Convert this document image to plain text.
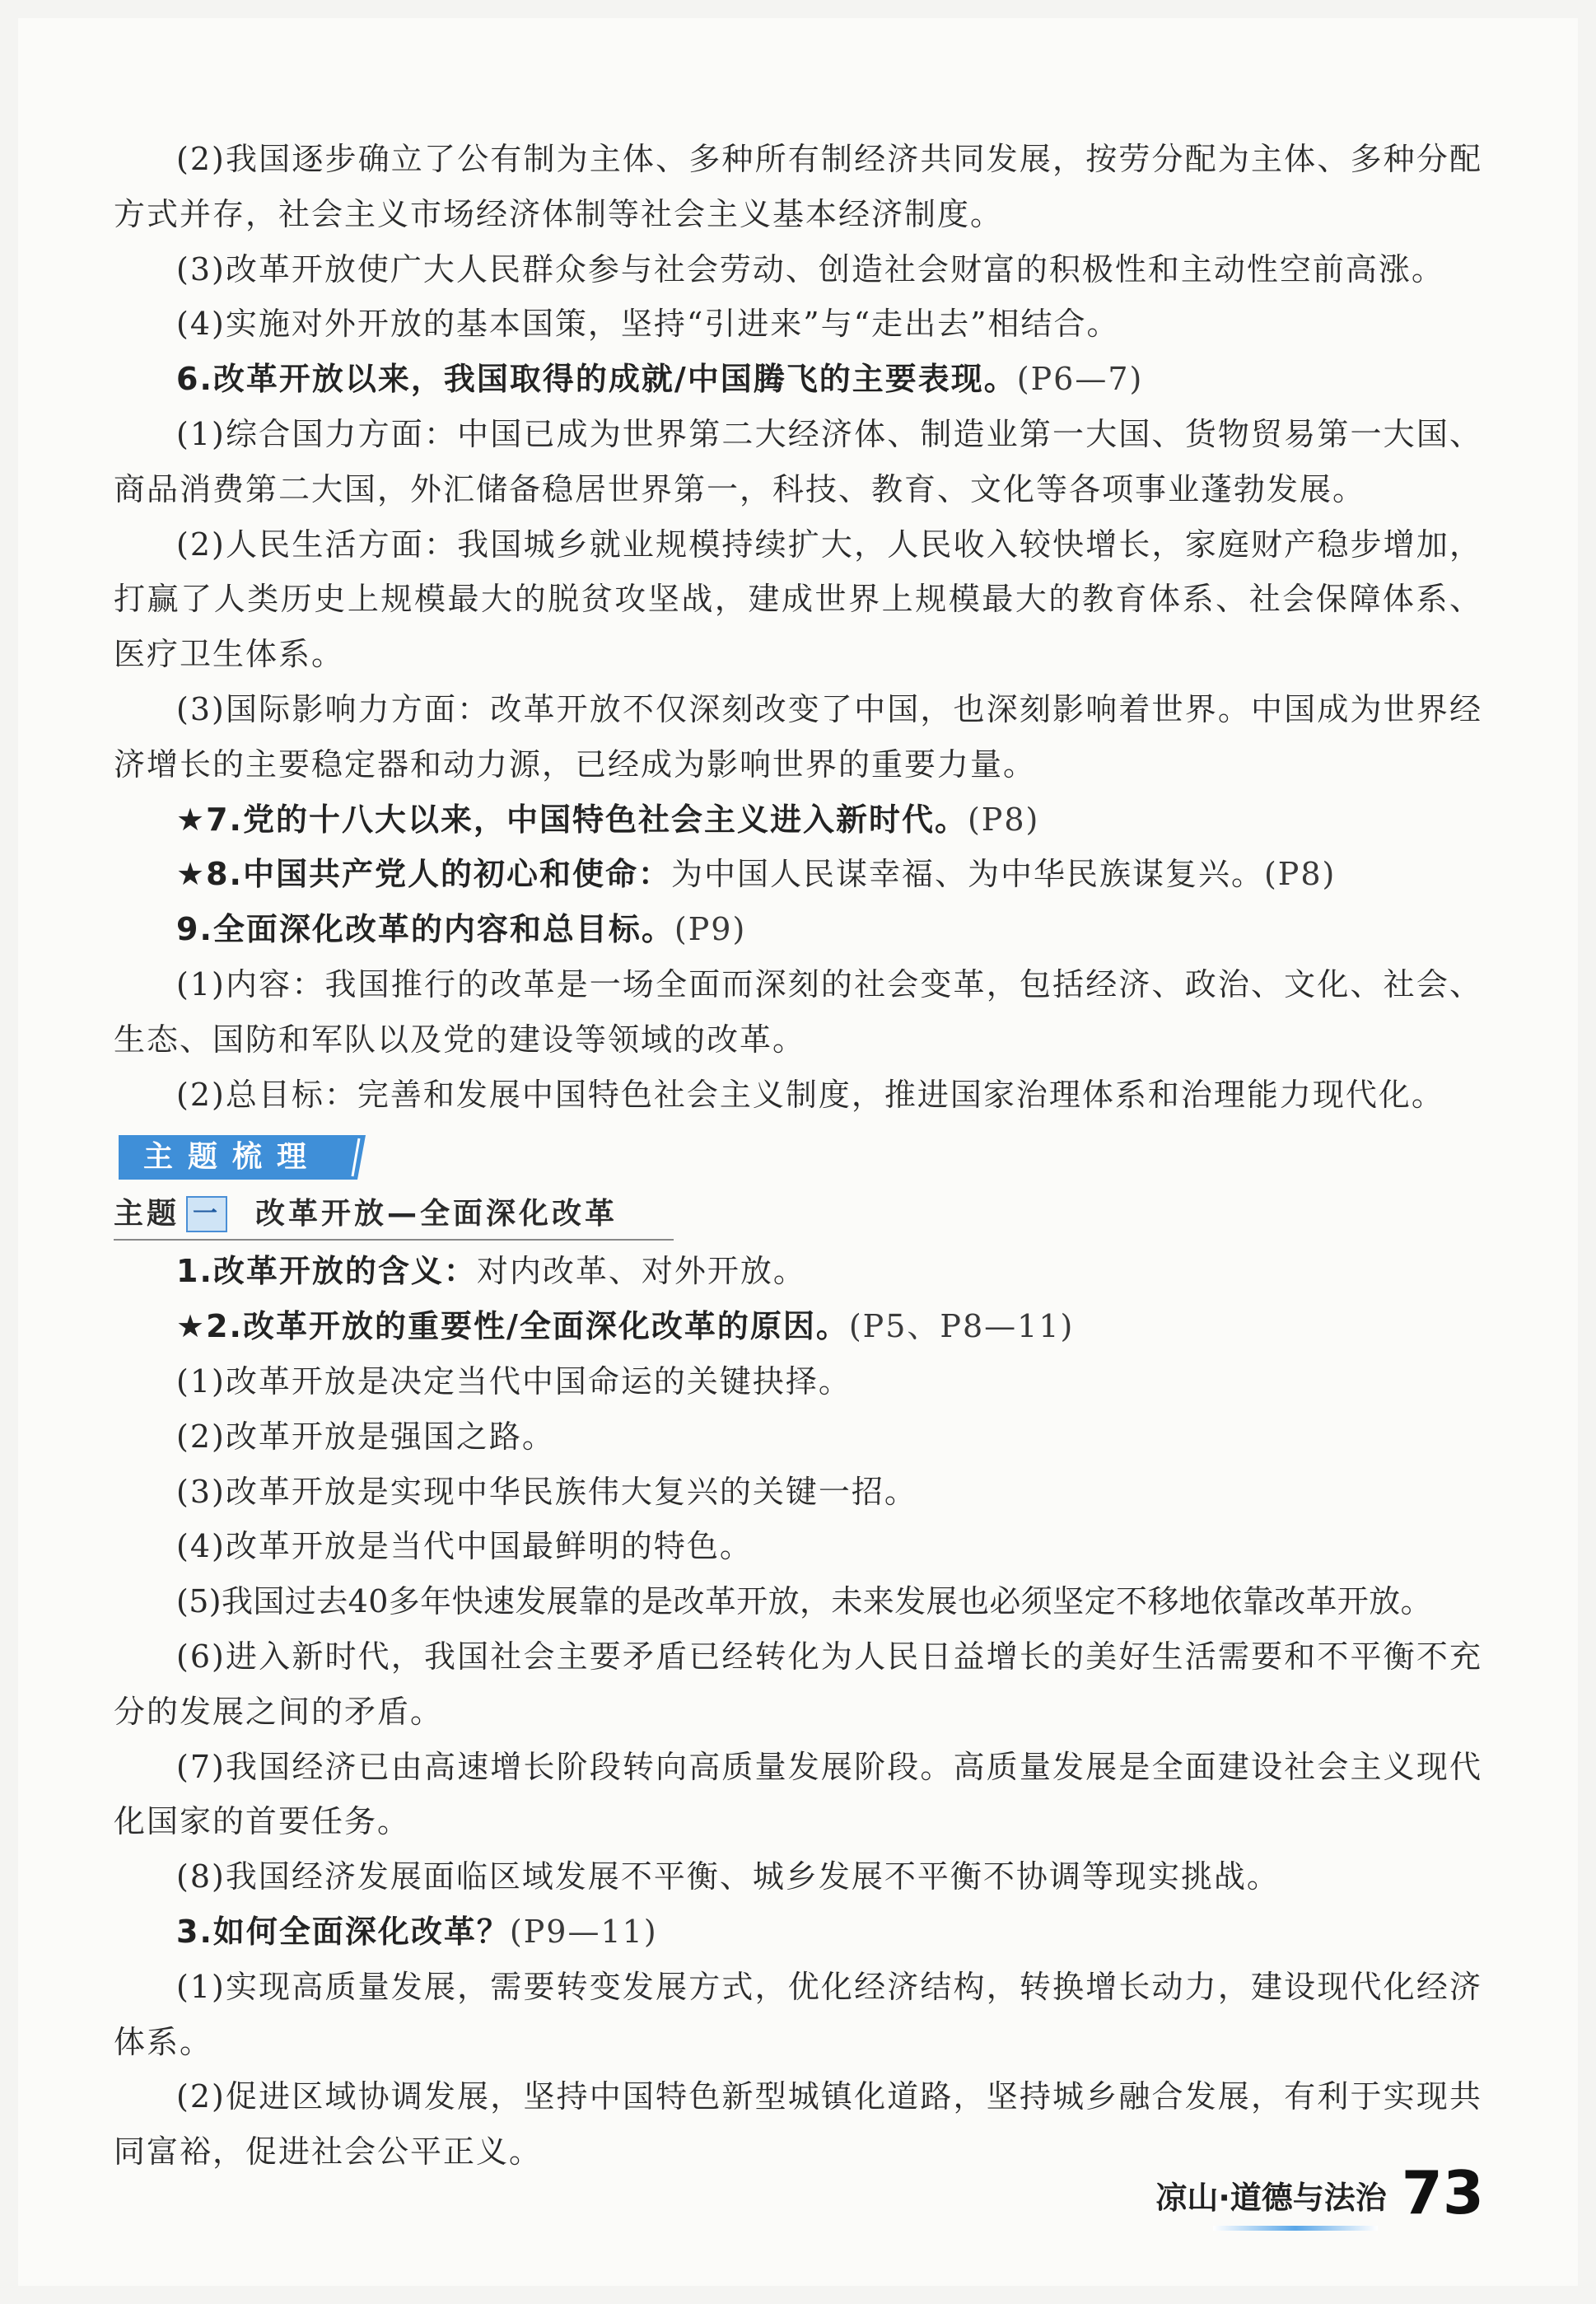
(2)我国逐步确立了公有制为主体、多种所有制经济共同发展，按劳分配为主体、多种分配方式并存，社会主义市场经济体制等社会主义基本经济制度。

(3)改革开放使广大人民群众参与社会劳动、创造社会财富的积极性和主动性空前高涨。

(4)实施对外开放的基本国策，坚持“引进来”与“走出去”相结合。

6.改革开放以来，我国取得的成就/中国腾飞的主要表现。(P6—7)

(1)综合国力方面：中国已成为世界第二大经济体、制造业第一大国、货物贸易第一大国、商品消费第二大国，外汇储备稳居世界第一，科技、教育、文化等各项事业蓬勃发展。

(2)人民生活方面：我国城乡就业规模持续扩大，人民收入较快增长，家庭财产稳步增加，打赢了人类历史上规模最大的脱贫攻坚战，建成世界上规模最大的教育体系、社会保障体系、医疗卫生体系。

(3)国际影响力方面：改革开放不仅深刻改变了中国，也深刻影响着世界。中国成为世界经济增长的主要稳定器和动力源，已经成为影响世界的重要力量。

★7.党的十八大以来，中国特色社会主义进入新时代。(P8)

★8.中国共产党人的初心和使命：为中国人民谋幸福、为中华民族谋复兴。(P8)

9.全面深化改革的内容和总目标。(P9)

(1)内容：我国推行的改革是一场全面而深刻的社会变革，包括经济、政治、文化、社会、生态、国防和军队以及党的建设等领域的改革。

(2)总目标：完善和发展中国特色社会主义制度，推进国家治理体系和治理能力现代化。

主题梳理
主题 一 改革开放—全面深化改革

1.改革开放的含义：对内改革、对外开放。

★2.改革开放的重要性/全面深化改革的原因。(P5、P8—11)

(1)改革开放是决定当代中国命运的关键抉择。

(2)改革开放是强国之路。

(3)改革开放是实现中华民族伟大复兴的关键一招。

(4)改革开放是当代中国最鲜明的特色。

(5)我国过去40多年快速发展靠的是改革开放，未来发展也必须坚定不移地依靠改革开放。

(6)进入新时代，我国社会主要矛盾已经转化为人民日益增长的美好生活需要和不平衡不充分的发展之间的矛盾。

(7)我国经济已由高速增长阶段转向高质量发展阶段。高质量发展是全面建设社会主义现代化国家的首要任务。

(8)我国经济发展面临区域发展不平衡、城乡发展不平衡不协调等现实挑战。

3.如何全面深化改革？(P9—11)

(1)实现高质量发展，需要转变发展方式，优化经济结构，转换增长动力，建设现代化经济体系。

(2)促进区域协调发展，坚持中国特色新型城镇化道路，坚持城乡融合发展，有利于实现共同富裕，促进社会公平正义。

凉山·道德与法治 73
